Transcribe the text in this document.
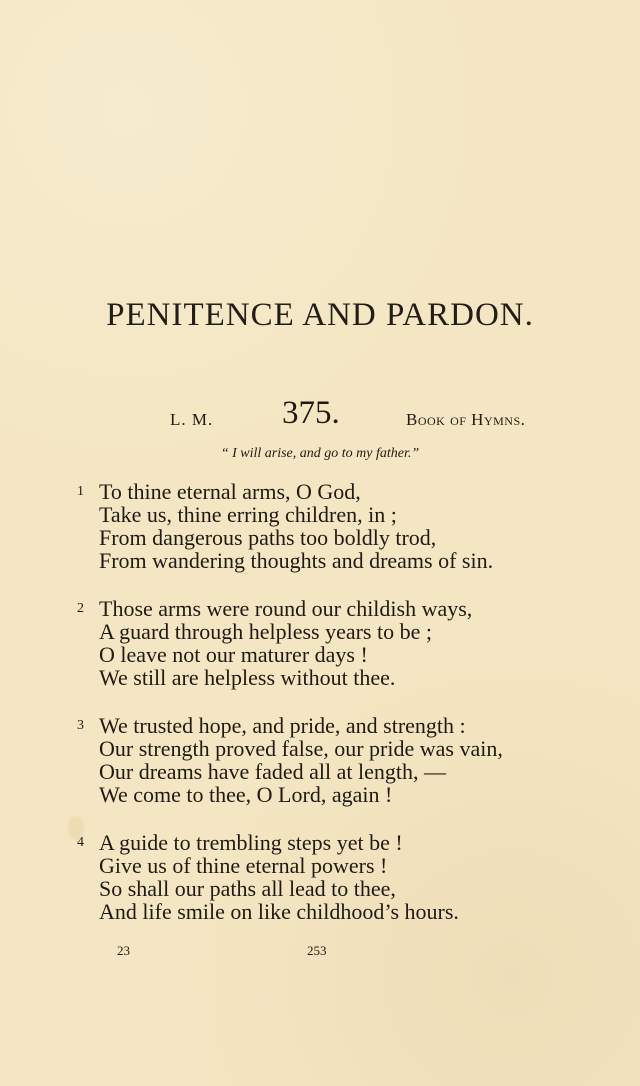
PENITENCE AND PARDON.
L. M. 375.	Book of Hymns.
“ I will arise, and go to my father.”
1 To thine eternal arms, O God,
Take us, thine erring children, in ;
From dangerous paths too boldly trod,
From wandering thoughts and dreams of sin.
2 Those arms were round our childish ways,
A guard through helpless years to be ;
O leave not our maturer days !
We still are helpless without thee.
3 We trusted hope, and pride, and strength :
Our strength proved false, our pride was vain,
Our dreams have faded all at length, —
We come to thee, O Lord, again !
4 A guide to trembling steps yet be !
Give us of thine eternal powers !
So shall our paths all lead to thee,
And life smile on like childhood’s hours.
23	253
